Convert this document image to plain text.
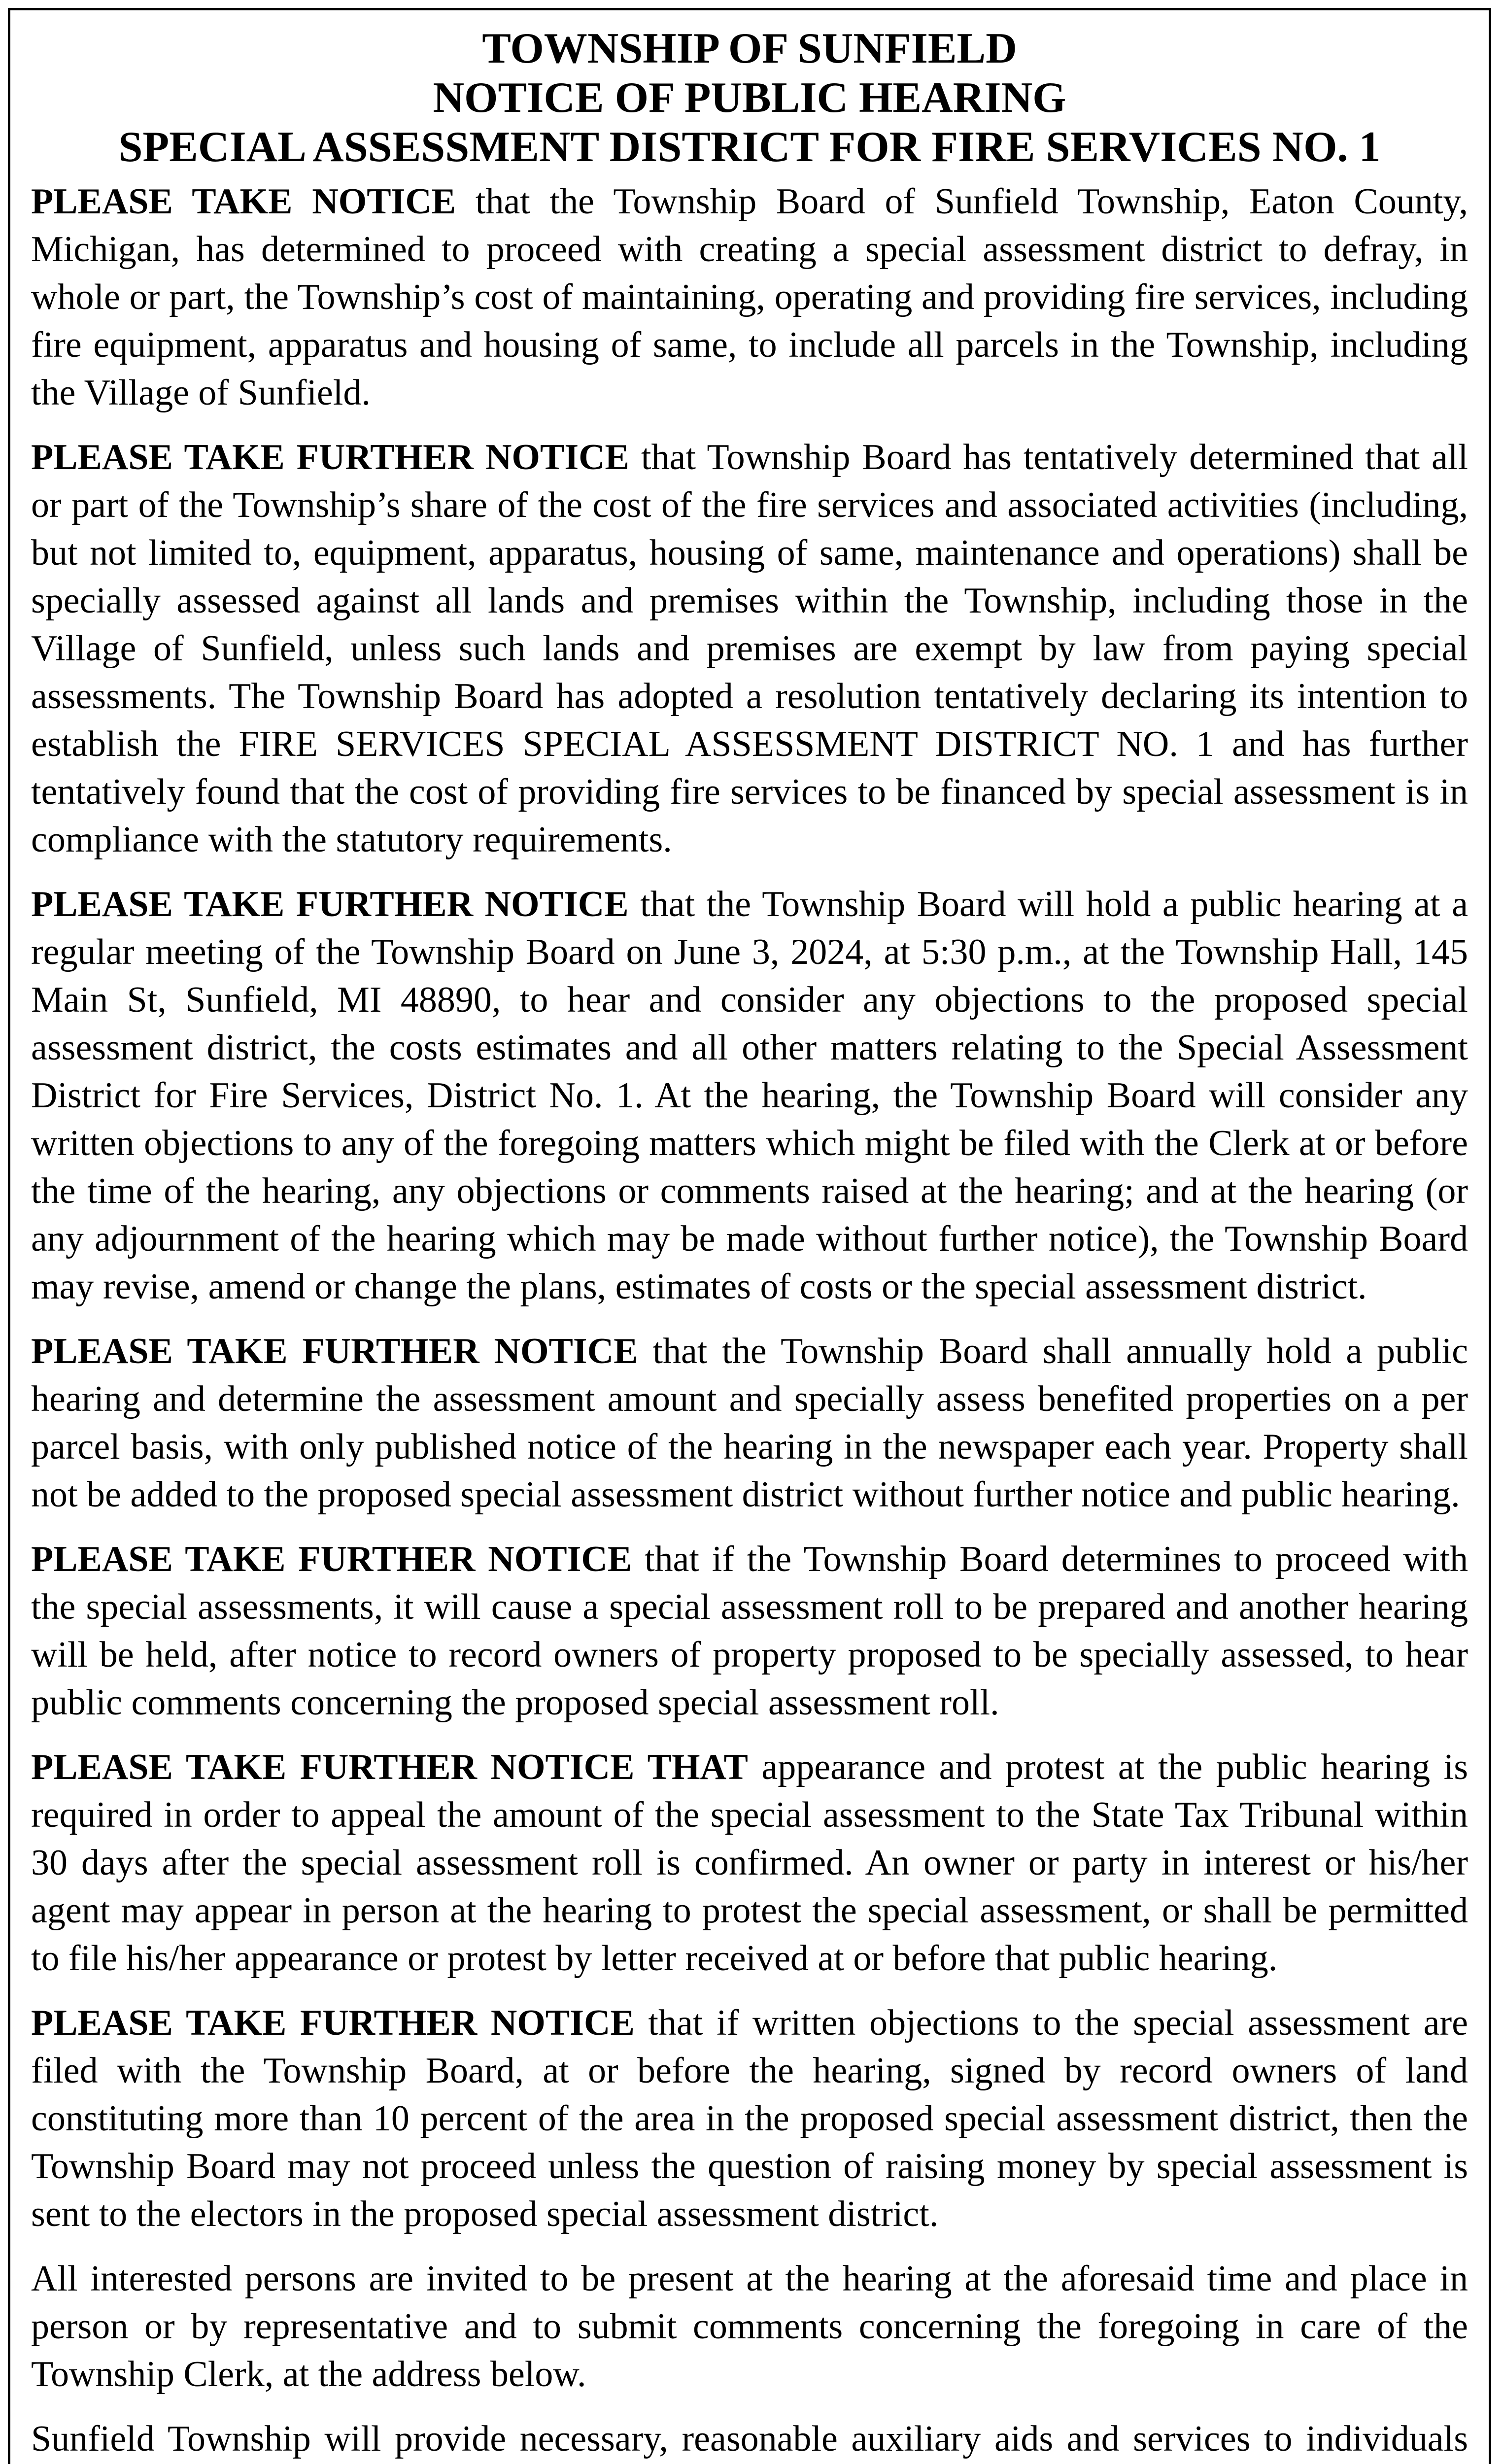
TOWNSHIP OF SUNFIELD
NOTICE OF PUBLIC HEARING
SPECIAL ASSESSMENT DISTRICT FOR FIRE SERVICES NO. 1

PLEASE TAKE NOTICE that the Township Board of Sunfield Township, Eaton County, Michigan, has determined to proceed with creating a special assessment district to defray, in whole or part, the Township’s cost of maintaining, operating and providing fire services, including fire equipment, apparatus and housing of same, to include all parcels in the Township, including the Village of Sunfield.

PLEASE TAKE FURTHER NOTICE that Township Board has tentatively determined that all or part of the Township’s share of the cost of the fire services and associated activities (including, but not limited to, equipment, apparatus, housing of same, maintenance and operations) shall be specially assessed against all lands and premises within the Township, including those in the Village of Sunfield, unless such lands and premises are exempt by law from paying special assessments. The Township Board has adopted a resolution tentatively declaring its intention to establish the FIRE SERVICES SPECIAL ASSESSMENT DISTRICT NO. 1 and has further tentatively found that the cost of providing fire services to be financed by special assessment is in compliance with the statutory requirements.

PLEASE TAKE FURTHER NOTICE that the Township Board will hold a public hearing at a regular meeting of the Township Board on June 3, 2024, at 5:30 p.m., at the Township Hall, 145 Main St, Sunfield, MI 48890, to hear and consider any objections to the proposed special assessment district, the costs estimates and all other matters relating to the Special Assessment District for Fire Services, District No. 1. At the hearing, the Township Board will consider any written objections to any of the foregoing matters which might be filed with the Clerk at or before the time of the hearing, any objections or comments raised at the hearing; and at the hearing (or any adjournment of the hearing which may be made without further notice), the Township Board may revise, amend or change the plans, estimates of costs or the special assessment district.

PLEASE TAKE FURTHER NOTICE that the Township Board shall annually hold a public hearing and determine the assessment amount and specially assess benefited properties on a per parcel basis, with only published notice of the hearing in the newspaper each year. Property shall not be added to the proposed special assessment district without further notice and public hearing.

PLEASE TAKE FURTHER NOTICE that if the Township Board determines to proceed with the special assessments, it will cause a special assessment roll to be prepared and another hearing will be held, after notice to record owners of property proposed to be specially assessed, to hear public comments concerning the proposed special assessment roll.

PLEASE TAKE FURTHER NOTICE THAT appearance and protest at the public hearing is required in order to appeal the amount of the special assessment to the State Tax Tribunal within 30 days after the special assessment roll is confirmed. An owner or party in interest or his/her agent may appear in person at the hearing to protest the special assessment, or shall be permitted to file his/her appearance or protest by letter received at or before that public hearing.

PLEASE TAKE FURTHER NOTICE that if written objections to the special assessment are filed with the Township Board, at or before the hearing, signed by record owners of land constituting more than 10 percent of the area in the proposed special assessment district, then the Township Board may not proceed unless the question of raising money by special assessment is sent to the electors in the proposed special assessment district.

All interested persons are invited to be present at the hearing at the aforesaid time and place in person or by representative and to submit comments concerning the foregoing in care of the Township Clerk, at the address below.

Sunfield Township will provide necessary, reasonable auxiliary aids and services to individuals
